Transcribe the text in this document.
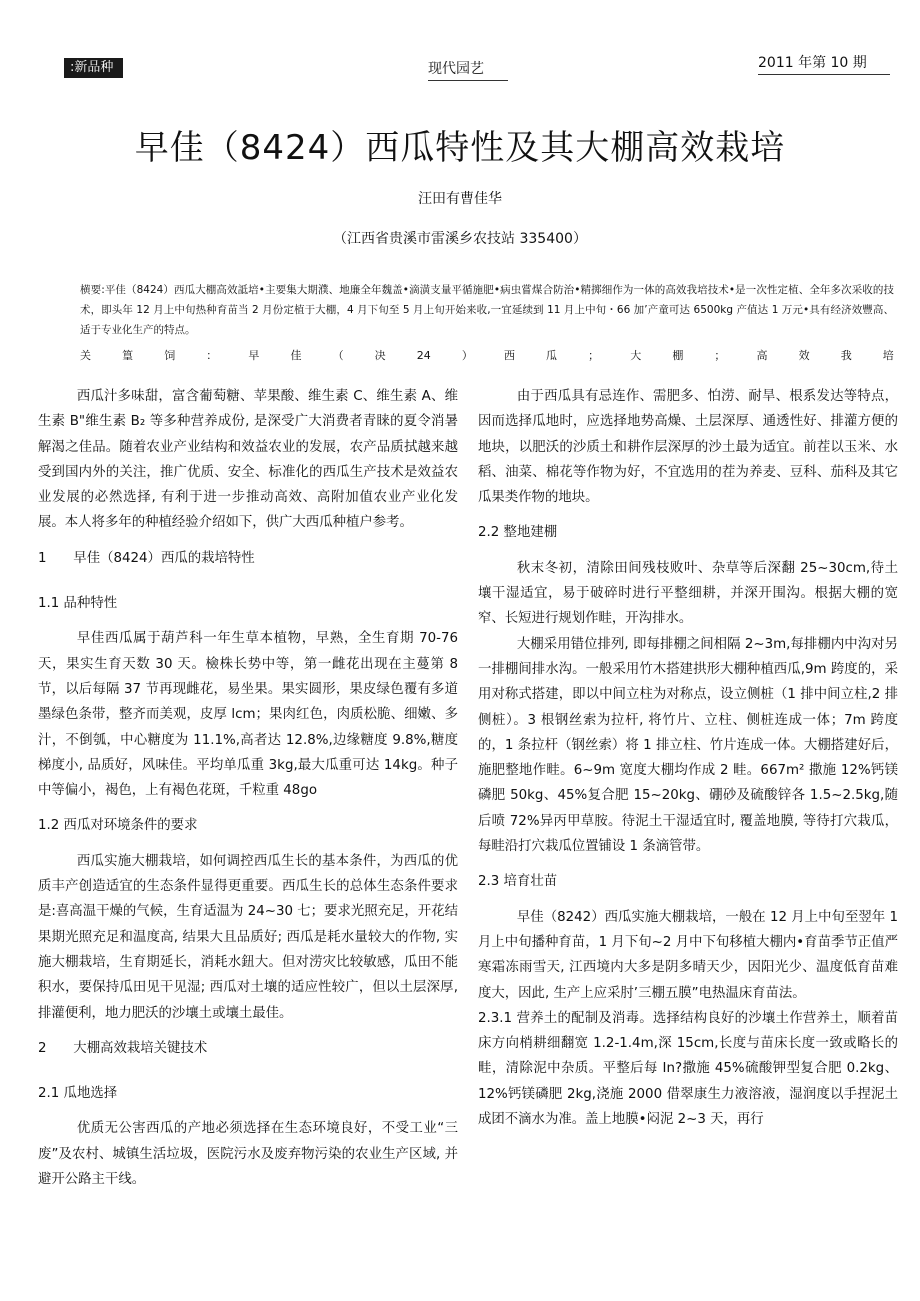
:新品种	现代园艺	2011 年第 10 期
早佳（8424）西瓜特性及其大棚高效栽培
汪田有曹佳华
（江西省贵溪市雷溪乡农技站 335400）
横要:平佳（8424）西瓜大棚高效詆培•主要集大期濮、地廉全年魏盖•滴潢支量平循施肥•病虫嘗煤合防治•精掷细作为一体的高效我培技术•是一次性定植、全年多次采收的技术，即头年 12 月上中旬热种育苗当 2 月份定植于大棚，4 月下旬至 5 月上旬开始来收,一宜延续到 11 月上中旬・66 加’产童可达 6500kg 产值达 1 万元•具有经济效豐高、适于专业化生产的特点。
关	篁	饲	：	早	佳	（	决	24	）	西	瓜	；	大	棚	；	高	效	我	培

西瓜汁多味甜，富含葡萄糖、苹果酸、维生素 C、维生素 A、维生素 B"维生素 B₂ 等多种营养成份, 是深受广大消费者青睐的夏令消暑解渴之佳品。随着农业产业结构和效益农业的发展，农产品质拭越来越受到国内外的关注，推广优质、安全、标准化的西瓜生产技术是效益农业发展的必然选择, 有利于进一步推动高效、高附加值农业产业化发展。本人将多年的种植经验介绍如下，供广大西瓜种植户参考。

1　　早佳（8424）西瓜的栽培特性
1.1 品种特性

早佳西瓜属于葫芦科一年生草本植物，早熟，全生育期 70-76 天，果实生育天数 30 天。檢株长势中等，第一雌花出现在主蔓第 8 节，以后每隔 37 节再现雌花，易坐果。果实圆形，果皮绿色覆有多道墨绿色条带，整齐而美观，皮厚 lcm；果肉红色，肉质松脆、细嫩、多汁，不倒瓠，中心糖度为 11.1%,高者达 12.8%,边缘糖度 9.8%,糖度梯度小, 品质好，风味佳。平均单瓜重 3kg,最大瓜重可达 14kg。种子中等偏小，褐色，上有褐色花斑，千粒重 48go

1.2 西瓜对环境条件的要求

西瓜实施大棚栽培，如何调控西瓜生长的基本条件，为西瓜的优质丰产创造适宜的生态条件显得更重要。西瓜生长的总体生态条件要求是:喜高温干燥的气候，生育适温为 24~30 七；要求光照充足，开花结果期光照充足和温度高, 结果大且品质好; 西瓜是耗水量较大的作物, 实施大棚栽培，生育期延长，消耗水鈕大。但对涝灾比较敏感，瓜田不能积水，要保持瓜田见干见湿; 西瓜对土壤的适应性较广，但以土层深厚, 排灌便利，地力肥沃的沙壤土或壤土最佳。

2　　大棚高效栽培关键技术
2.1 瓜地选择

优质无公害西瓜的产地必须选择在生态环境良好，不受工业“三废”及农村、城镇生活垃圾，医院污水及废弃物污染的农业生产区域, 并避开公路主干线。

由于西瓜具有忌连作、需肥多、怕涝、耐旱、根系发达等特点，因而选择瓜地时，应选择地势高燥、土层深厚、通透性好、排灌方便的地块，以肥沃的沙质土和耕作层深厚的沙土最为适宜。前茬以玉米、水稻、油菜、棉花等作物为好，不宜选用的茬为养麦、豆科、茄科及其它瓜果类作物的地块。

2.2 整地建棚

秋末冬初，清除田间残枝败叶、杂草等后深翻 25~30cm,待土壤干湿适宜，易于破碎时进行平整细耕，并深开围沟。根据大棚的宽窄、长短进行规划作畦，开沟排水。

大棚采用错位排列, 即每排棚之间相隔 2~3m,每排棚内中沟对另一排棚间排水沟。一般采用竹木搭建拱形大棚种植西瓜,9m 跨度的，采用对称式搭建，即以中间立柱为对称点，设立侧桩（1 排中间立柱,2 排侧桩）。3 根钢丝索为拉杆, 将竹片、立柱、侧桩连成一体；7m 跨度的，1 条拉杆（钢丝索）将 1 排立柱、竹片连成一体。大棚搭建好后，施肥整地作畦。6~9m 宽度大棚均作成 2 畦。667m² 撒施 12%钙镁磷肥 50kg、45%复合肥 15~20kg、硼砂及硫酸锌各 1.5~2.5kg,随后喷 72%异丙甲草胺。待泥土干湿适宜时, 覆盖地膜, 等待打穴栽瓜，每畦沿打穴栽瓜位置铺设 1 条滴管带。

2.3 培育壮苗

早佳（8242）西瓜实施大棚栽培，一般在 12 月上中旬至翌年 1 月上中旬播种育苗，1 月下旬~2 月中下旬移植大棚内•育苗季节正值严寒霜冻雨雪天, 江西境内大多是阴多晴天少，因阳光少、温度低育苗难度大，因此, 生产上应采肘’三棚五膜”电热温床育苗法。

2.3.1 营养土的配制及消毒。选择结构良好的沙壤土作营养土，顺着苗床方向梢耕细翻宽 1.2-1.4m,深 15cm,长度与苗床长度一致或略长的畦，清除泥中杂质。平整后每 In?撒施 45%硫酸钾型复合肥 0.2kg、12%钙镁磷肥 2kg,浇施 2000 借翠康生力液溶液，湿润度以手捏泥土成团不滴水为准。盖上地膜•闷泥 2~3 天，再行
